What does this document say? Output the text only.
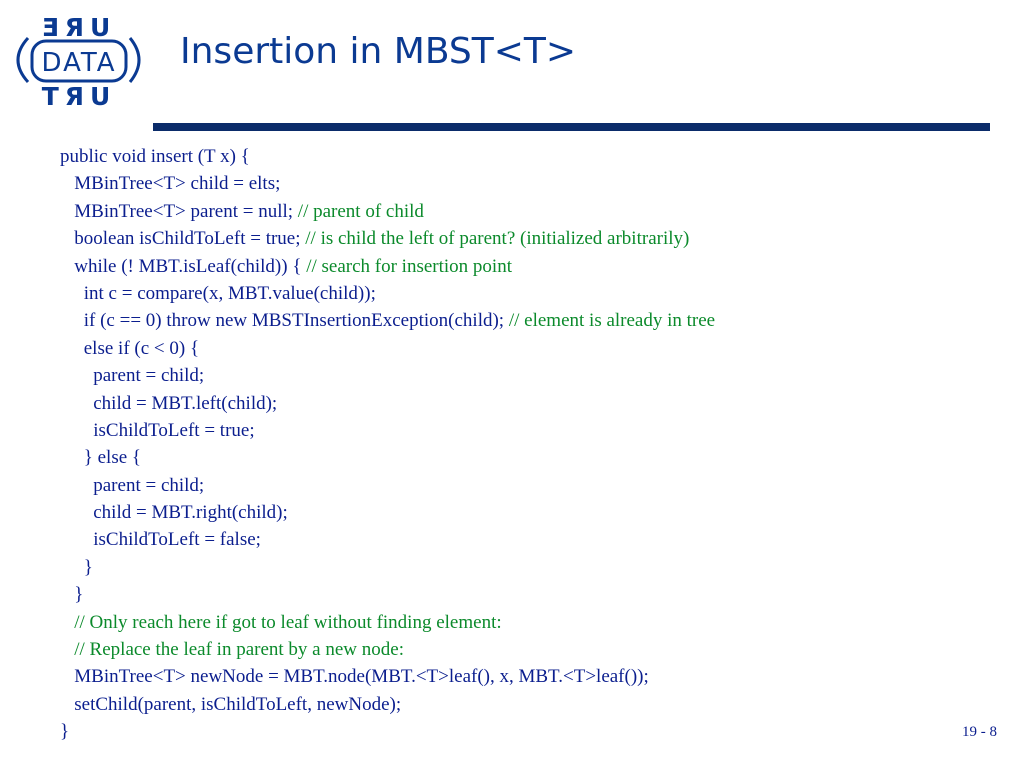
ƎЯU
DATA
TЯU
Insertion in MBST<T>
public void insert (T x) {
MBinTree<T> child = elts;
MBinTree<T> parent = null; // parent of child
boolean isChildToLeft = true; // is child the left of parent? (initialized arbitrarily)
while (! MBT.isLeaf(child)) { // search for insertion point
int c = compare(x, MBT.value(child));
if (c == 0) throw new MBSTInsertionException(child); // element is already in tree
else if (c < 0) {
parent = child;
child = MBT.left(child);
isChildToLeft = true;
} else {
parent = child;
child = MBT.right(child);
isChildToLeft = false;
}
}
// Only reach here if got to leaf without finding element:
// Replace the leaf in parent by a new node:
MBinTree<T> newNode = MBT.node(MBT.<T>leaf(), x, MBT.<T>leaf());
setChild(parent, isChildToLeft, newNode);
}	19 - 8
